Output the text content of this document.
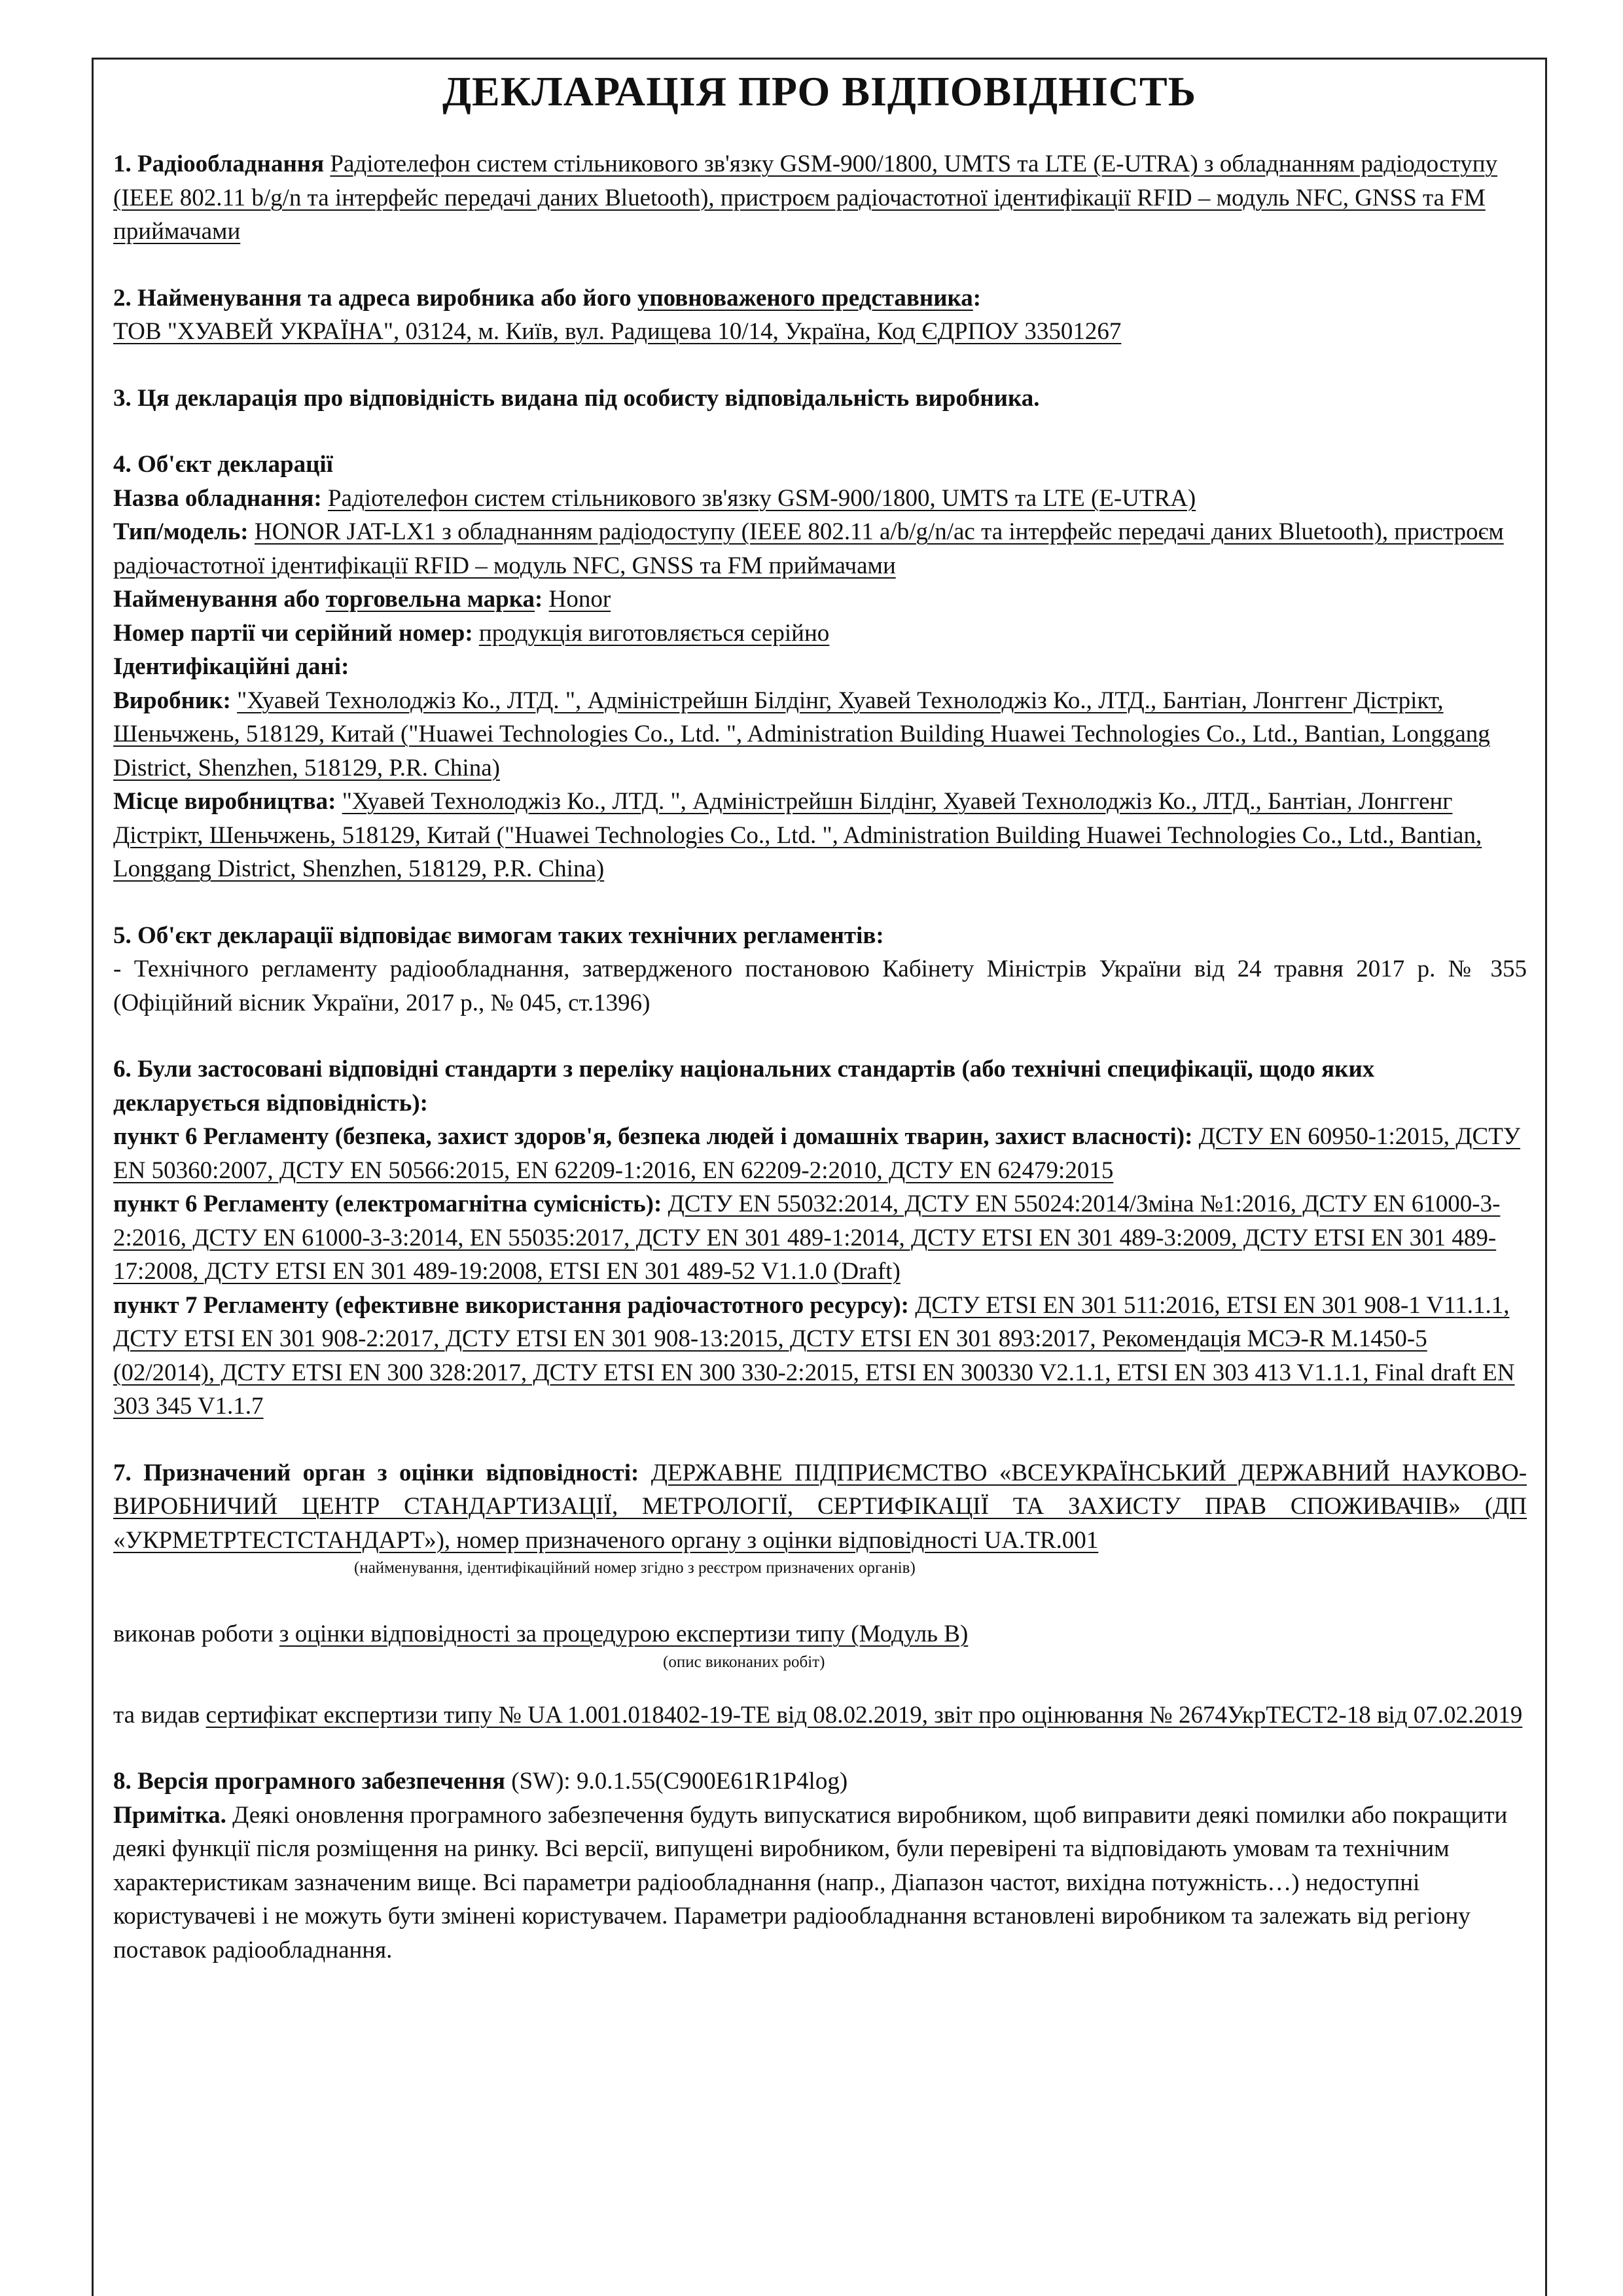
ДЕКЛАРАЦІЯ ПРО ВІДПОВІДНІСТЬ

1. Радіообладнання Радіотелефон систем стільникового зв'язку GSM-900/1800, UMTS та LTE (E-UTRA) з обладнанням радіодоступу (IEEE 802.11 b/g/n та інтерфейс передачі даних Bluetooth), пристроєм радіочастотної ідентифікації RFID – модуль NFC, GNSS та FM приймачами

2. Найменування та адреса виробника або його уповноваженого представника:

ТОВ "ХУАВЕЙ УКРАЇНА", 03124, м. Київ, вул. Радищева 10/14, Україна, Код ЄДРПОУ 33501267

3. Ця декларація про відповідність видана під особисту відповідальність виробника.

4. Об'єкт декларації

Назва обладнання: Радіотелефон систем стільникового зв'язку GSM-900/1800, UMTS та LTE (E-UTRA)

Тип/модель: HONOR JAT-LX1 з обладнанням радіодоступу (IEEE 802.11 a/b/g/n/ac та інтерфейс передачі даних Bluetooth), пристроєм радіочастотної ідентифікації RFID – модуль NFC, GNSS та FM приймачами

Найменування або торговельна марка: Honor

Номер партії чи серійний номер: продукція виготовляється серійно

Ідентифікаційні дані:

Виробник: "Хуавей Технолоджіз Ко., ЛТД. ", Адміністрейшн Білдінг, Хуавей Технолоджіз Ко., ЛТД., Бантіан, Лонггенг Дістрікт, Шеньчжень, 518129, Китай ("Huawei Technologies Co., Ltd. ", Administration Building Huawei Technologies Co., Ltd., Bantian, Longgang District, Shenzhen, 518129, P.R. China)

Місце виробництва: "Хуавей Технолоджіз Ко., ЛТД. ", Адміністрейшн Білдінг, Хуавей Технолоджіз Ко., ЛТД., Бантіан, Лонггенг Дістрікт, Шеньчжень, 518129, Китай ("Huawei Technologies Co., Ltd. ", Administration Building Huawei Technologies Co., Ltd., Bantian, Longgang District, Shenzhen, 518129, P.R. China)

5. Об'єкт декларації відповідає вимогам таких технічних регламентів:

- Технічного регламенту радіообладнання, затвердженого постановою Кабінету Міністрів України від 24 травня 2017 р. № 355 (Офіційний вісник України, 2017 р., № 045, ст.1396)

6. Були застосовані відповідні стандарти з переліку національних стандартів (або технічні специфікації, щодо яких декларується відповідність):

пункт 6 Регламенту (безпека, захист здоров'я, безпека людей і домашніх тварин, захист власності): ДСТУ EN 60950-1:2015, ДСТУ EN 50360:2007, ДСТУ EN 50566:2015, EN 62209-1:2016, EN 62209-2:2010, ДСТУ EN 62479:2015

пункт 6 Регламенту (електромагнітна сумісність): ДСТУ EN 55032:2014, ДСТУ EN 55024:2014/Зміна №1:2016, ДСТУ EN 61000-3-2:2016, ДСТУ EN 61000-3-3:2014, EN 55035:2017, ДСТУ EN 301 489-1:2014, ДСТУ ETSI EN 301 489-3:2009, ДСТУ ETSI EN 301 489-17:2008, ДСТУ ETSI EN 301 489-19:2008, ETSI EN 301 489-52 V1.1.0 (Draft)

пункт 7 Регламенту (ефективне використання радіочастотного ресурсу): ДСТУ ETSI EN 301 511:2016, ETSI EN 301 908-1 V11.1.1, ДСТУ ETSI EN 301 908-2:2017, ДСТУ ETSI EN 301 908-13:2015, ДСТУ ETSI EN 301 893:2017, Рекомендація МСЭ-R M.1450-5 (02/2014), ДСТУ ETSI EN 300 328:2017, ДСТУ ETSI EN 300 330-2:2015, ETSI EN 300330 V2.1.1, ETSI EN 303 413 V1.1.1, Final draft EN 303 345 V1.1.7

7. Призначений орган з оцінки відповідності: ДЕРЖАВНЕ ПІДПРИЄМСТВО «ВСЕУКРАЇНСЬКИЙ ДЕРЖАВНИЙ НАУКОВО-ВИРОБНИЧИЙ ЦЕНТР СТАНДАРТИЗАЦІЇ, МЕТРОЛОГІЇ, СЕРТИФІКАЦІЇ ТА ЗАХИСТУ ПРАВ СПОЖИВАЧІВ» (ДП «УКРМЕТРТЕСТСТАНДАРТ»), номер призначеного органу з оцінки відповідності UA.TR.001

(найменування, ідентифікаційний номер згідно з реєстром призначених органів)

виконав роботи з оцінки відповідності за процедурою експертизи типу (Модуль B)

(опис виконаних робіт)

та видав сертифікат експертизи типу № UA 1.001.018402-19-TE від 08.02.2019, звіт про оцінювання № 2674УкрТЕСТ2-18 від 07.02.2019

8. Версія програмного забезпечення (SW): 9.0.1.55(C900E61R1P4log)

Примітка. Деякі оновлення програмного забезпечення будуть випускатися виробником, щоб виправити деякі помилки або покращити деякі функції після розміщення на ринку. Всі версії, випущені виробником, були перевірені та відповідають умовам та технічним характеристикам зазначеним вище. Всі параметри радіообладнання (напр., Діапазон частот, вихідна потужність…) недоступні користувачеві і не можуть бути змінені користувачем. Параметри радіообладнання встановлені виробником та залежать від регіону поставок радіообладнання.
